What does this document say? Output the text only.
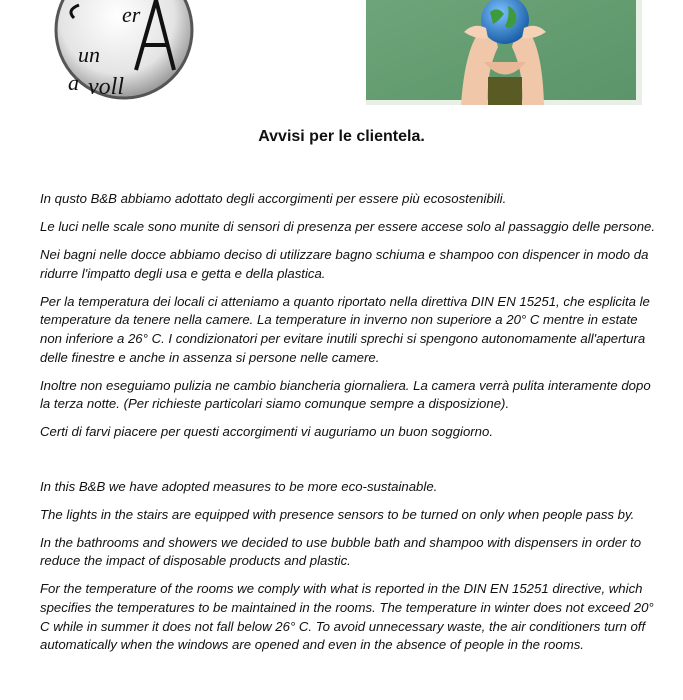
er
un
a voll
Avvisi per le clientela.

In qusto B&B abbiamo adottato degli accorgimenti per essere più ecosostenibili.

Le luci nelle scale sono munite di sensori di presenza per essere accese solo al passaggio delle persone.

Nei bagni nelle docce abbiamo deciso di utilizzare bagno schiuma e shampoo con dispencer in modo da ridurre l'impatto degli usa e getta e della plastica.

Per la temperatura dei locali ci atteniamo a quanto riportato nella direttiva DIN EN 15251, che esplicita le temperature da tenere nella camere. La temperature in inverno non superiore a 20° C mentre in estate non inferiore a 26° C. I condizionatori per evitare inutili sprechi si spengono autonomamente all'apertura delle finestre e anche in assenza si persone nelle camere.

Inoltre non eseguiamo pulizia ne cambio biancheria giornaliera. La camera verrà pulita interamente dopo la terza notte. (Per richieste particolari siamo comunque sempre a disposizione).

Certi di farvi piacere per questi accorgimenti vi auguriamo un buon soggiorno.

In this B&B we have adopted measures to be more eco-sustainable.

The lights in the stairs are equipped with presence sensors to be turned on only when people pass by.

In the bathrooms and showers we decided to use bubble bath and shampoo with dispensers in order to reduce the impact of disposable products and plastic.

For the temperature of the rooms we comply with what is reported in the DIN EN 15251 directive, which specifies the temperatures to be maintained in the rooms. The temperature in winter does not exceed 20° C while in summer it does not fall below 26° C. To avoid unnecessary waste, the air conditioners turn off automatically when the windows are opened and even in the absence of people in the rooms.
